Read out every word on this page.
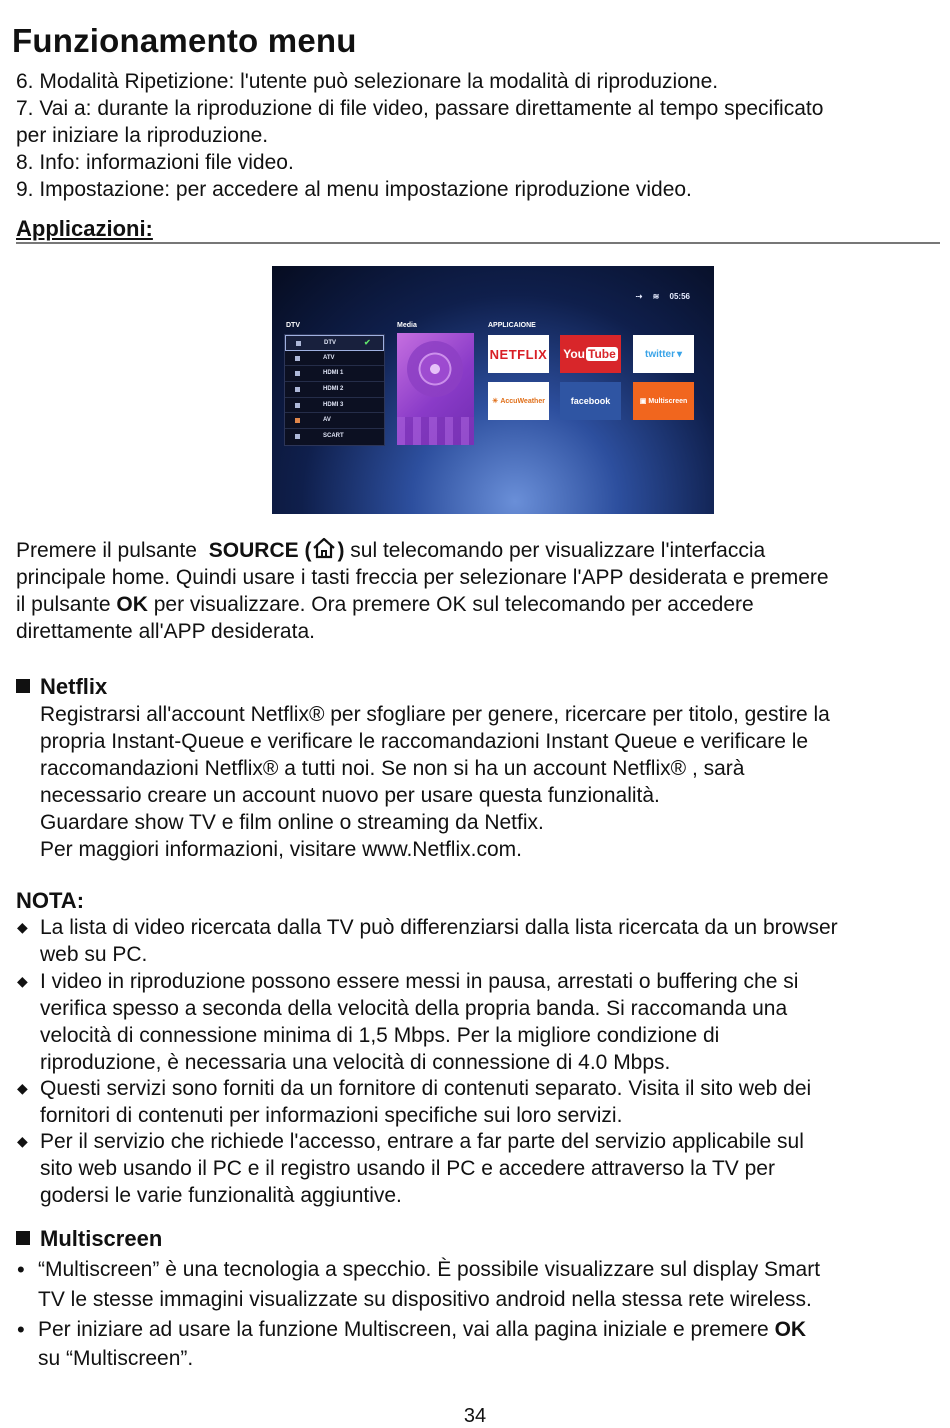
Funzionamento menu
6. Modalità Ripetizione: l'utente può selezionare la modalità di riproduzione.
7. Vai a: durante la riproduzione di file video, passare direttamente al tempo specificato
per iniziare la riproduzione.
8. Info: informazioni file video.
9. Impostazione: per accedere al menu impostazione riproduzione video.
Applicazioni:
⇢ ≋ 05:56
DTV	Media	APPLICAIONE
DTV	✔
ATV
HDMI 1
HDMI 2
HDMI 3
AV
SCART
NETFLIX You Tube	twitter ▾
☀ AccuWeather	facebook	▣ Multiscreen
Premere il pulsante SOURCE ( ) sul telecomando per visualizzare l'interfaccia
principale home. Quindi usare i tasti freccia per selezionare l'APP desiderata e premere
il pulsante OK per visualizzare. Ora premere OK sul telecomando per accedere
direttamente all'APP desiderata.
Netflix
Registrarsi all'account Netflix® per sfogliare per genere, ricercare per titolo, gestire la
propria Instant-Queue e verificare le raccomandazioni Instant Queue e verificare le
raccomandazioni Netflix® a tutti noi. Se non si ha un account Netflix® , sarà
necessario creare un account nuovo per usare questa funzionalità.
Guardare show TV e film online o streaming da Netfix.
Per maggiori informazioni, visitare www.Netflix.com.
NOTA:
◆ La lista di video ricercata dalla TV può differenziarsi dalla lista ricercata da un browser
web su PC.
◆ I video in riproduzione possono essere messi in pausa, arrestati o buffering che si
verifica spesso a seconda della velocità della propria banda. Si raccomanda una
velocità di connessione minima di 1,5 Mbps. Per la migliore condizione di
riproduzione, è necessaria una velocità di connessione di 4.0 Mbps.
◆ Questi servizi sono forniti da un fornitore di contenuti separato. Visita il sito web dei
fornitori di contenuti per informazioni specifiche sui loro servizi.
◆ Per il servizio che richiede l'accesso, entrare a far parte del servizio applicabile sul
sito web usando il PC e il registro usando il PC e accedere attraverso la TV per
godersi le varie funzionalità aggiuntive.
Multiscreen
• “Multiscreen” è una tecnologia a specchio. È possibile visualizzare sul display Smart
TV le stesse immagini visualizzate su dispositivo android nella stessa rete wireless.
• Per iniziare ad usare la funzione Multiscreen, vai alla pagina iniziale e premere OK
su “Multiscreen”.
34
